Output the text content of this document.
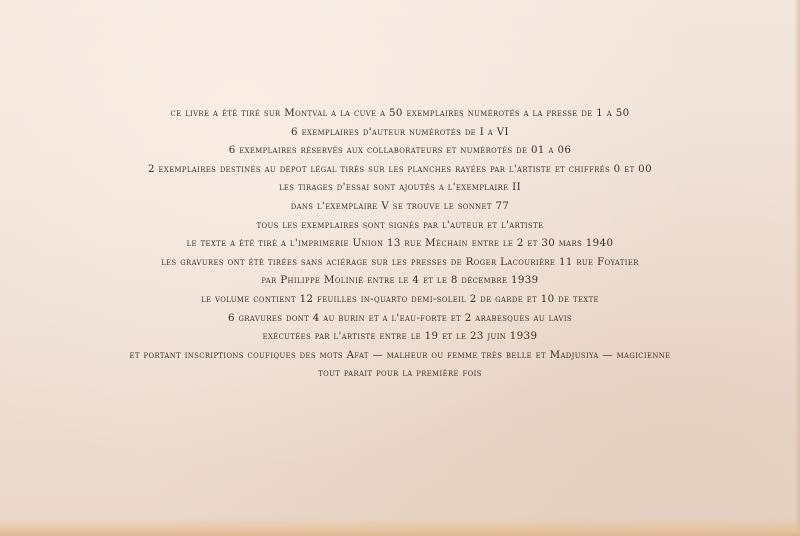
ce livre a été tiré sur Montval a la cuve a 50 exemplaires numérotés a la presse de 1 a 50
6 exemplaires d'auteur numérotés de I a VI
6 exemplaires réservés aux collaborateurs et numérotés de 01 a 06
2 exemplaires destinés au dépot légal tirés sur les planches rayées par l'artiste et chiffrés 0 et 00
les tirages d'essai sont ajoutés a l'exemplaire II
dans l'exemplaire V se trouve le sonnet 77
tous les exemplaires sont signés par l'auteur et l'artiste
le texte a été tiré a l'imprimerie Union 13 rue Méchain entre le 2 et 30 mars 1940
les gravures ont été tirées sans aciérage sur les presses de Roger Lacourière 11 rue Foyatier
par Philippe Molinié entre le 4 et le 8 décembre 1939
le volume contient 12 feuilles in-quarto demi-soleil 2 de garde et 10 de texte
6 gravures dont 4 au burin et a l'eau-forte et 2 arabesques au lavis
exécutées par l'artiste entre le 19 et le 23 juin 1939
et portant inscriptions coufiques des mots Afat — malheur ou femme très belle et Madjusiya — magicienne
tout parait pour la première fois
